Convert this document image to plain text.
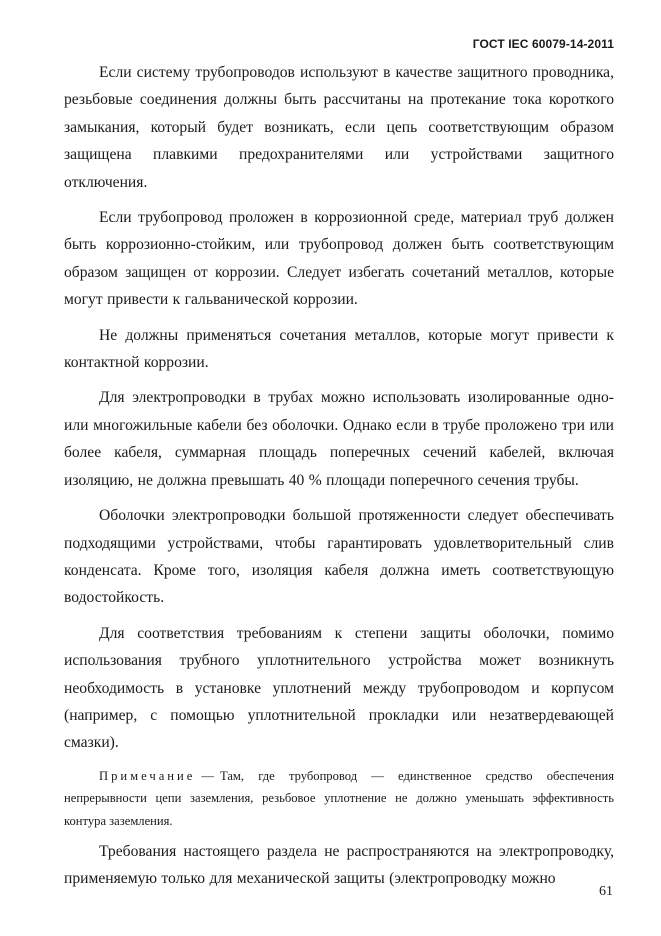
ГОСТ IEC 60079-14-2011

Если систему трубопроводов используют в качестве защитного проводника, резьбовые соединения должны быть рассчитаны на протекание тока короткого замыкания, который будет возникать, если цепь соответствующим образом защищена плавкими предохранителями или устройствами защитного отключения.

Если трубопровод проложен в коррозионной среде, материал труб должен быть коррозионно-стойким, или трубопровод должен быть соответствующим образом защищен от коррозии. Следует избегать сочетаний металлов, которые могут привести к гальванической коррозии.

Не должны применяться сочетания металлов, которые могут привести к контактной коррозии.

Для электропроводки в трубах можно использовать изолированные одно- или многожильные кабели без оболочки. Однако если в трубе проложено три или более кабеля, суммарная площадь поперечных сечений кабелей, включая изоляцию, не должна превышать 40 % площади поперечного сечения трубы.

Оболочки электропроводки большой протяженности следует обеспечивать подходящими устройствами, чтобы гарантировать удовлетворительный слив конденсата. Кроме того, изоляция кабеля должна иметь соответствующую водостойкость.

Для соответствия требованиям к степени защиты оболочки, помимо использования трубного уплотнительного устройства может возникнуть необходимость в установке уплотнений между трубопроводом и корпусом (например, с помощью уплотнительной прокладки или незатвердевающей смазки).

Примечание — Там, где трубопровод — единственное средство обеспечения непрерывности цепи заземления, резьбовое уплотнение не должно уменьшать эффективность контура заземления.

Требования настоящего раздела не распространяются на электропроводку, применяемую только для механической защиты (электропроводку можно

61
